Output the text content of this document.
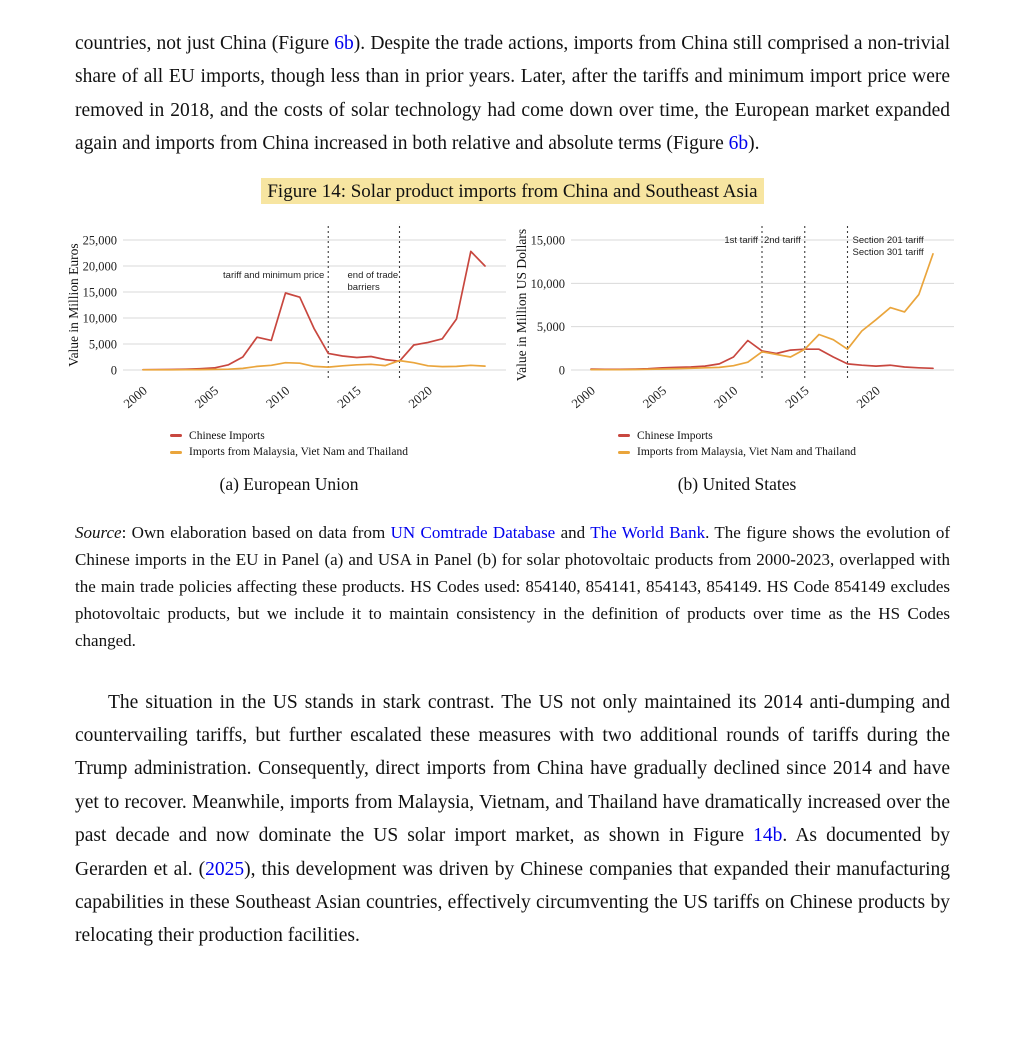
countries, not just China (Figure 6b). Despite the trade actions, imports from China still comprised a non-trivial share of all EU imports, though less than in prior years. Later, after the tariffs and minimum import price were removed in 2018, and the costs of solar technology had come down over time, the European market expanded again and imports from China increased in both relative and absolute terms (Figure 6b).

Figure 14: Solar product imports from China and Southeast Asia
0
5,000
10,000
15,000
20,000
25,000
2000	2005	2010	2015	2020
tariff and minimum price end of trade
barriers
Value in Million Euros
Chinese Imports
Imports from Malaysia, Viet Nam and Thailand
(a) European Union
0
5,000
10,000
15,000
2000	2005	2010	2015	2020
1st tariff 2nd tariff	Section 201 tariff
Section 301 tariff
Value in Million US Dollars
Chinese Imports
Imports from Malaysia, Viet Nam and Thailand
(b) United States

Source: Own elaboration based on data from UN Comtrade Database and The World Bank. The figure shows the evolution of Chinese imports in the EU in Panel (a) and USA in Panel (b) for solar photovoltaic products from 2000-2023, overlapped with the main trade policies affecting these products. HS Codes used: 854140, 854141, 854143, 854149. HS Code 854149 excludes photovoltaic products, but we include it to maintain consistency in the definition of products over time as the HS Codes changed.

The situation in the US stands in stark contrast. The US not only maintained its 2014 anti-dumping and countervailing tariffs, but further escalated these measures with two additional rounds of tariffs during the Trump administration. Consequently, direct imports from China have gradually declined since 2014 and have yet to recover. Meanwhile, imports from Malaysia, Vietnam, and Thailand have dramatically increased over the past decade and now dominate the US solar import market, as shown in Figure 14b. As documented by Gerarden et al. (2025), this development was driven by Chinese companies that expanded their manufacturing capabilities in these Southeast Asian countries, effectively circumventing the US tariffs on Chinese products by relocating their production facilities.
